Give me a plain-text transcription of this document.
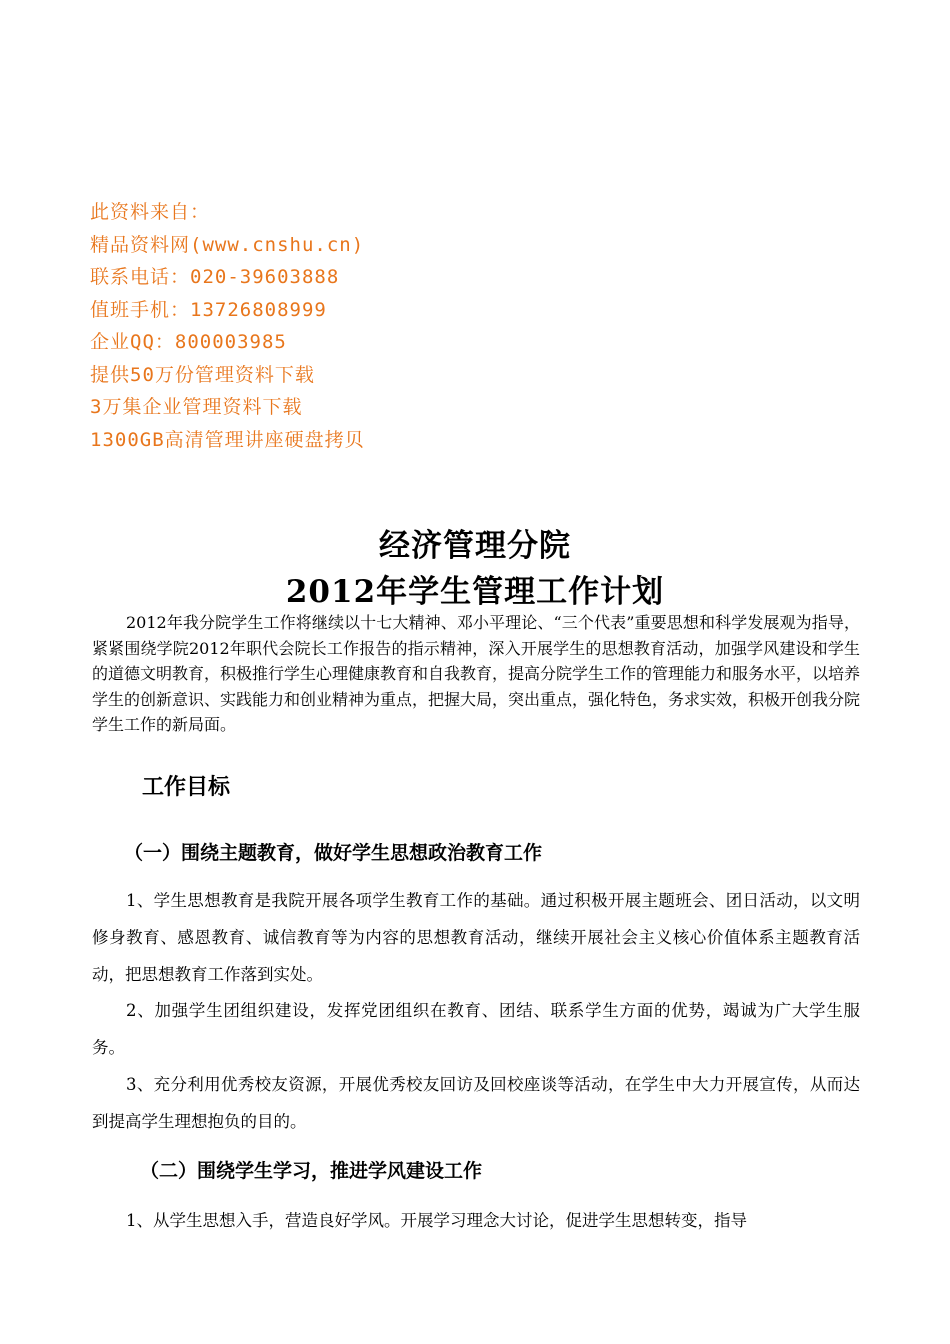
此资料来自：
精品资料网(www.cnshu.cn)
联系电话：020-39603888
值班手机：13726808999
企业QQ：800003985
提供50万份管理资料下载
3万集企业管理资料下载
1300GB高清管理讲座硬盘拷贝
经济管理分院
2012年学生管理工作计划

2012年我分院学生工作将继续以十七大精神、邓小平理论、“三个代表”重要思想和科学发展观为指导，紧紧围绕学院2012年职代会院长工作报告的指示精神，深入开展学生的思想教育活动，加强学风建设和学生的道德文明教育，积极推行学生心理健康教育和自我教育，提高分院学生工作的管理能力和服务水平，以培养学生的创新意识、实践能力和创业精神为重点，把握大局，突出重点，强化特色，务求实效，积极开创我分院学生工作的新局面。

工作目标
（一）围绕主题教育，做好学生思想政治教育工作

1、学生思想教育是我院开展各项学生教育工作的基础。通过积极开展主题班会、团日活动，以文明修身教育、感恩教育、诚信教育等为内容的思想教育活动，继续开展社会主义核心价值体系主题教育活动，把思想教育工作落到实处。

2、加强学生团组织建设，发挥党团组织在教育、团结、联系学生方面的优势，竭诚为广大学生服务。

3、充分利用优秀校友资源，开展优秀校友回访及回校座谈等活动，在学生中大力开展宣传，从而达到提高学生理想抱负的目的。

（二）围绕学生学习，推进学风建设工作

1、从学生思想入手，营造良好学风。开展学习理念大讨论，促进学生思想转变，指导
